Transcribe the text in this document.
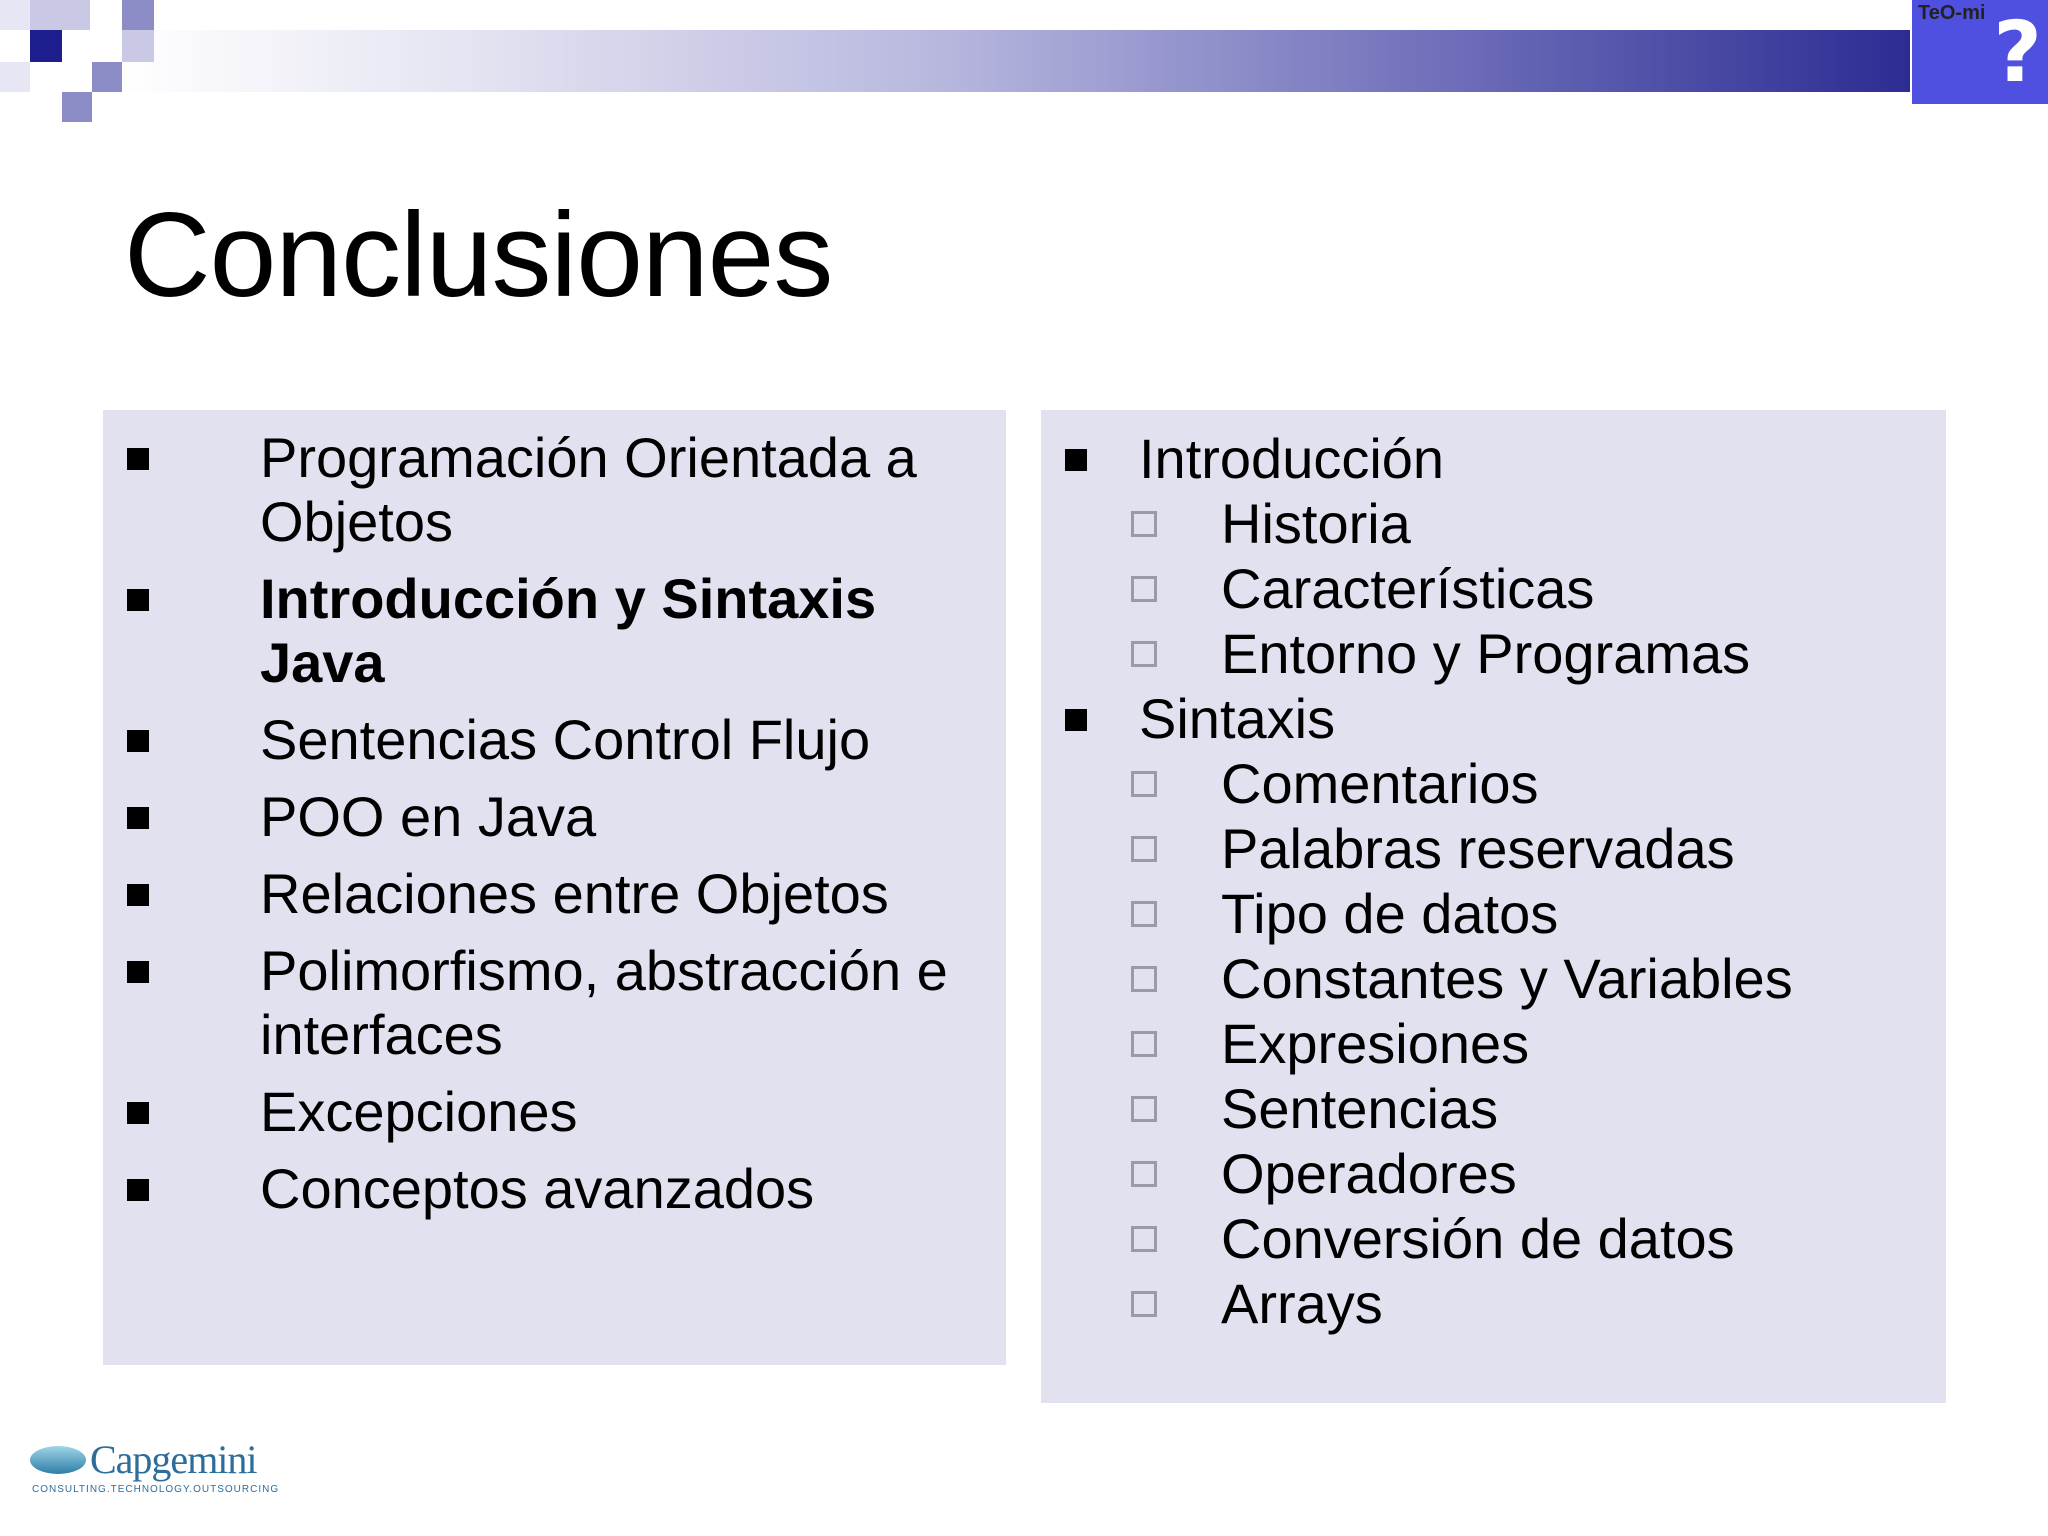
TeO-mi ?
Conclusiones
Programación Orientada a Objetos
Introducción y Sintaxis Java
Sentencias Control Flujo
POO en Java
Relaciones entre Objetos
Polimorfismo, abstracción e interfaces
Excepciones
Conceptos avanzados
Introducción
Historia
Características
Entorno y Programas
Sintaxis
Comentarios
Palabras reservadas
Tipo de datos
Constantes y Variables
Expresiones
Sentencias
Operadores
Conversión de datos
Arrays
Capgemini
CONSULTING.TECHNOLOGY.OUTSOURCING
